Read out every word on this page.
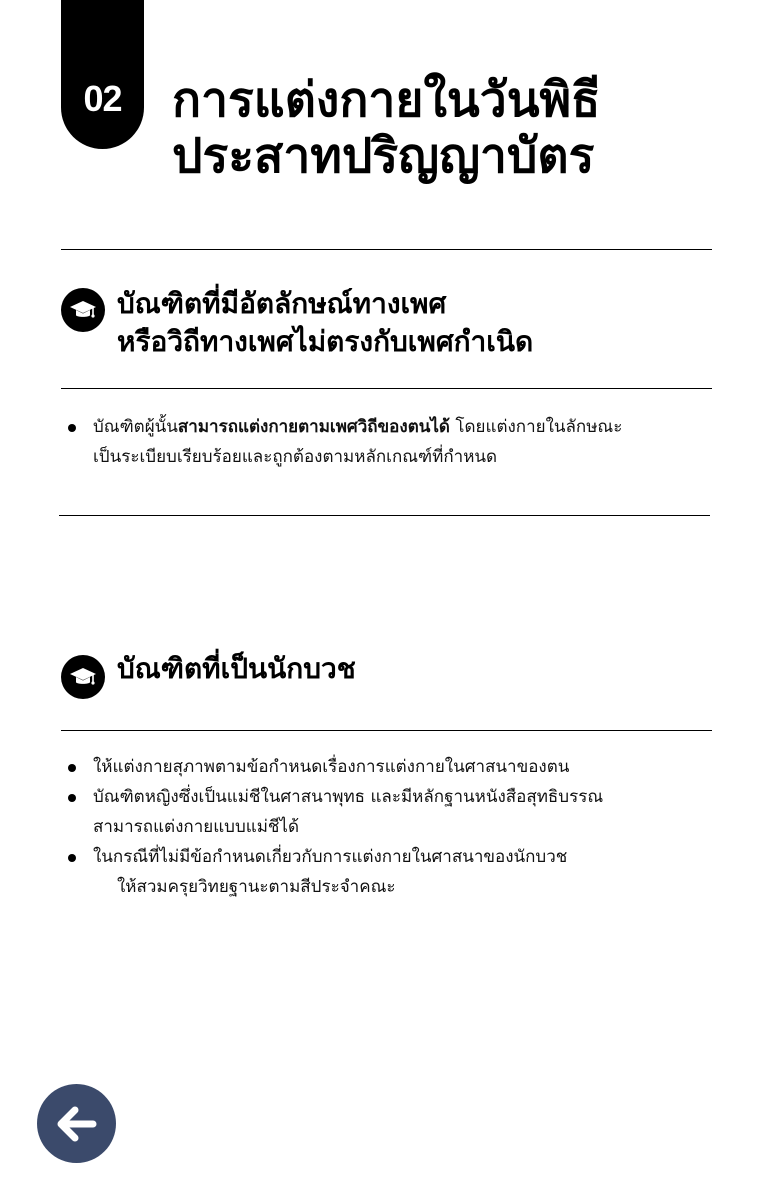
02 การแต่งกายในวันพิธี
ประสาทปริญญาบัตร
บัณฑิตที่มีอัตลักษณ์ทางเพศ
หรือวิถีทางเพศไม่ตรงกับเพศกำเนิด
บัณฑิตผู้นั้นสามารถแต่งกายตามเพศวิถีของตนได้ โดยแต่งกายในลักษณะ
เป็นระเบียบเรียบร้อยและถูกต้องตามหลักเกณฑ์ที่กำหนด
บัณฑิตที่เป็นนักบวช
ให้แต่งกายสุภาพตามข้อกำหนดเรื่องการแต่งกายในศาสนาของตน
บัณฑิตหญิงซึ่งเป็นแม่ชีในศาสนาพุทธ และมีหลักฐานหนังสือสุทธิบรรณ
สามารถแต่งกายแบบแม่ชีได้
ในกรณีที่ไม่มีข้อกำหนดเกี่ยวกับการแต่งกายในศาสนาของนักบวช
ให้สวมครุยวิทยฐานะตามสีประจำคณะ
